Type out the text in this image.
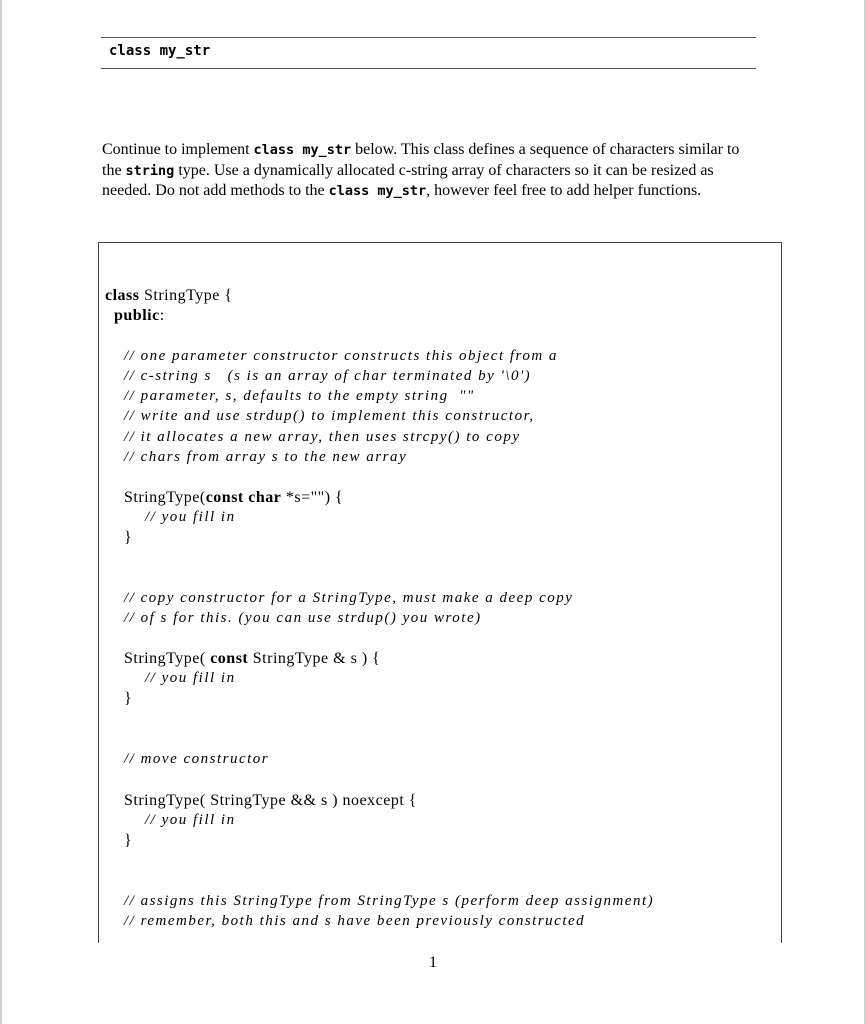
class my_str
Continue to implement class my_str below. This class defines a sequence of characters similar to the string type. Use a dynamically allocated c-string array of characters so it can be resized as needed. Do not add methods to the class my_str, however feel free to add helper functions.
class StringType {
public:
// one parameter constructor constructs this object from a
// c-string s   (s is an array of char terminated by '\0')
// parameter, s, defaults to the empty string  ""
// write and use strdup() to implement this constructor,
// it allocates a new array, then uses strcpy() to copy
// chars from array s to the new array
StringType(const char *s="") {
// you fill in
}
// copy constructor for a StringType, must make a deep copy
// of s for this. (you can use strdup() you wrote)
StringType( const StringType & s ) {
// you fill in
}
// move constructor
StringType( StringType && s ) noexcept {
// you fill in
}
// assigns this StringType from StringType s (perform deep assignment)
// remember, both this and s have been previously constructed
1
